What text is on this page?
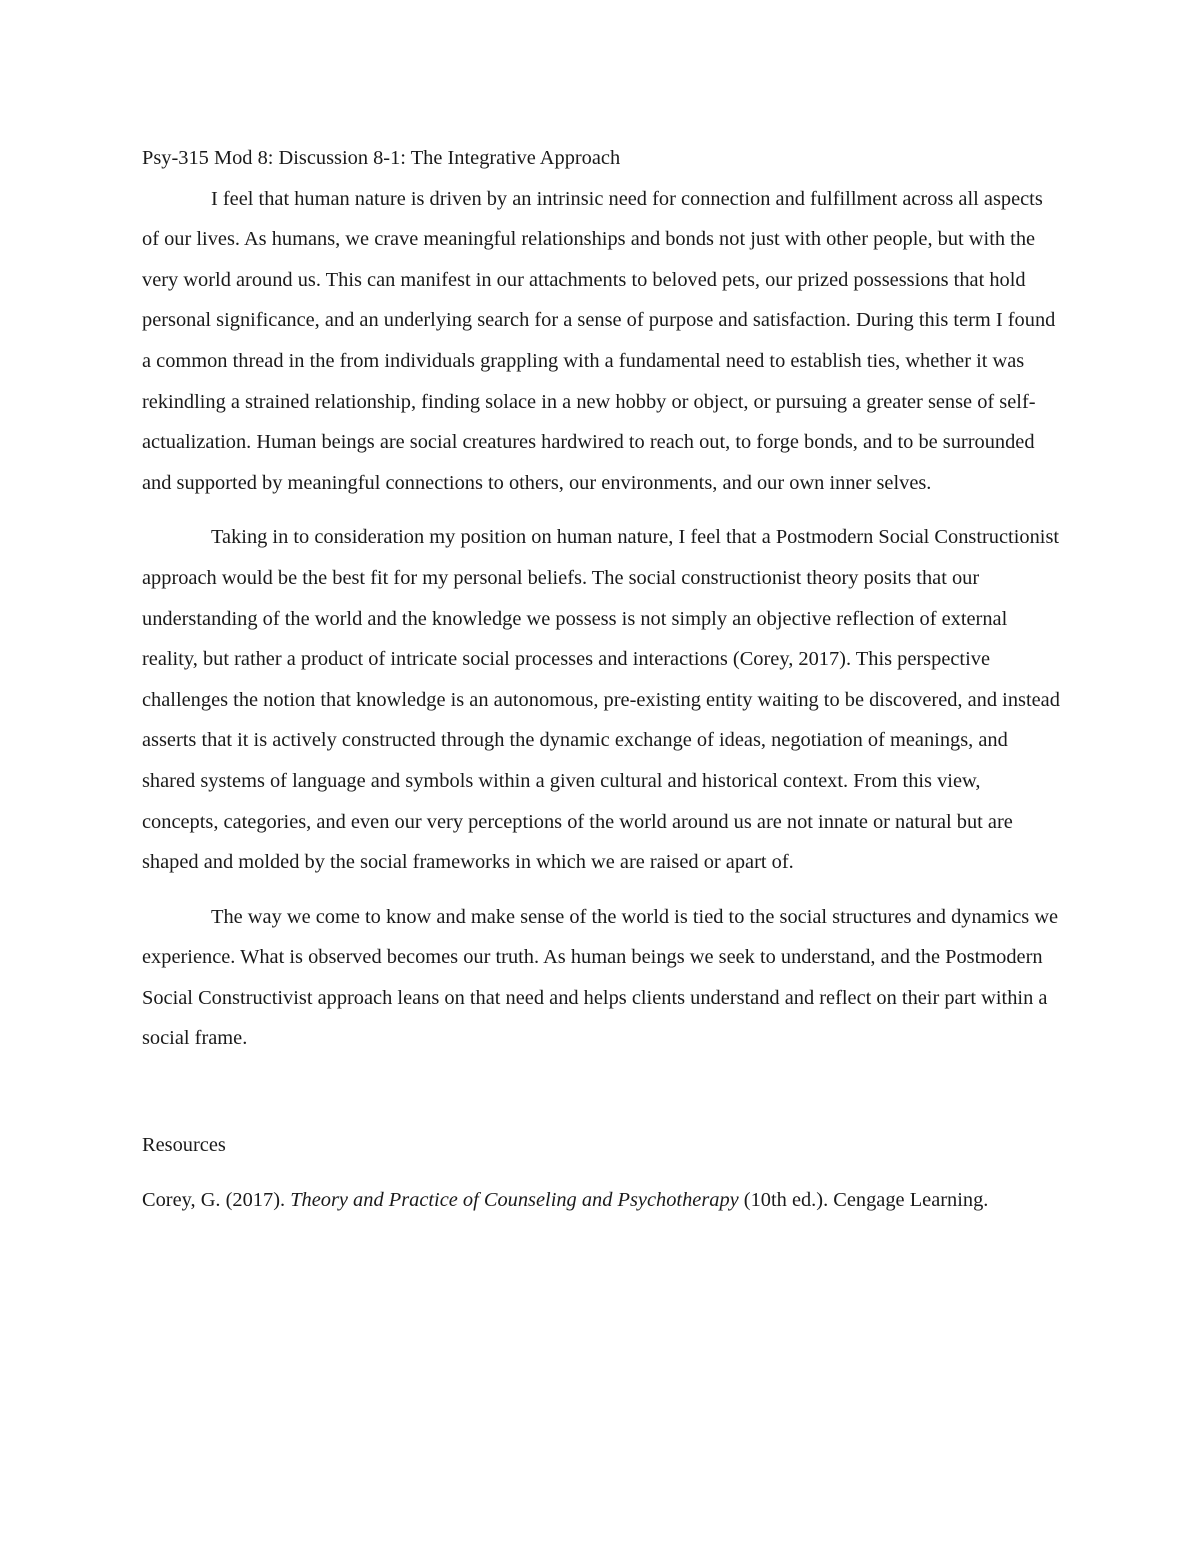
Psy-315 Mod 8: Discussion 8-1: The Integrative Approach

I feel that human nature is driven by an intrinsic need for connection and fulfillment across all aspects of our lives. As humans, we crave meaningful relationships and bonds not just with other people, but with the very world around us. This can manifest in our attachments to beloved pets, our prized possessions that hold personal significance, and an underlying search for a sense of purpose and satisfaction. During this term I found a common thread in the from individuals grappling with a fundamental need to establish ties, whether it was rekindling a strained relationship, finding solace in a new hobby or object, or pursuing a greater sense of self-actualization. Human beings are social creatures hardwired to reach out, to forge bonds, and to be surrounded and supported by meaningful connections to others, our environments, and our own inner selves.

Taking in to consideration my position on human nature, I feel that a Postmodern Social Constructionist approach would be the best fit for my personal beliefs. The social constructionist theory posits that our understanding of the world and the knowledge we possess is not simply an objective reflection of external reality, but rather a product of intricate social processes and interactions (Corey, 2017). This perspective challenges the notion that knowledge is an autonomous, pre-existing entity waiting to be discovered, and instead asserts that it is actively constructed through the dynamic exchange of ideas, negotiation of meanings, and shared systems of language and symbols within a given cultural and historical context. From this view, concepts, categories, and even our very perceptions of the world around us are not innate or natural but are shaped and molded by the social frameworks in which we are raised or apart of.

The way we come to know and make sense of the world is tied to the social structures and dynamics we experience. What is observed becomes our truth. As human beings we seek to understand, and the Postmodern Social Constructivist approach leans on that need and helps clients understand and reflect on their part within a social frame.

Resources

Corey, G. (2017). Theory and Practice of Counseling and Psychotherapy (10th ed.). Cengage Learning.
